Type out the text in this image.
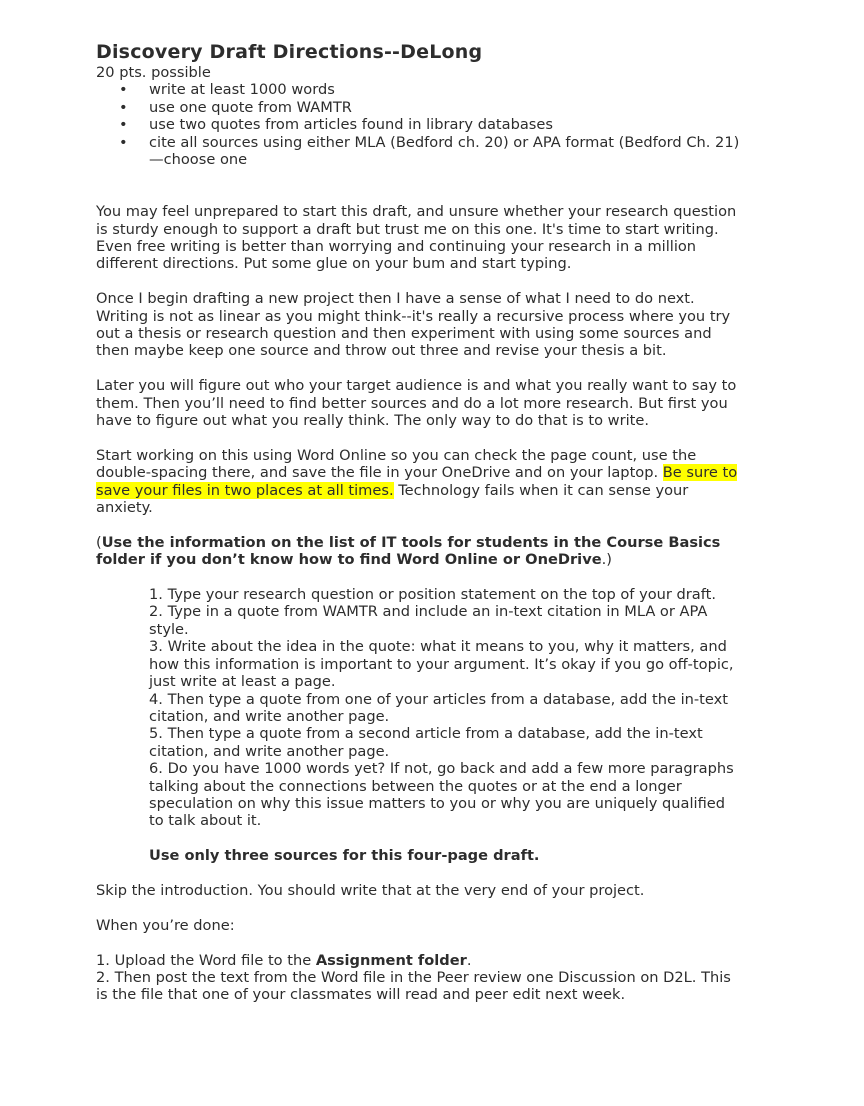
Discovery Draft Directions--DeLong

20 pts. possible

• write at least 1000 words
• use one quote from WAMTR
• use two quotes from articles found in library databases
• cite all sources using either MLA (Bedford ch. 20) or APA format (Bedford Ch. 21)—choose one

You may feel unprepared to start this draft, and unsure whether your research question is sturdy enough to support a draft but trust me on this one. It's time to start writing. Even free writing is better than worrying and continuing your research in a million different directions. Put some glue on your bum and start typing.

Once I begin drafting a new project then I have a sense of what I need to do next. Writing is not as linear as you might think--it's really a recursive process where you try out a thesis or research question and then experiment with using some sources and then maybe keep one source and throw out three and revise your thesis a bit.

Later you will figure out who your target audience is and what you really want to say to them. Then you’ll need to find better sources and do a lot more research. But first you have to figure out what you really think. The only way to do that is to write.

Start working on this using Word Online so you can check the page count, use the double-spacing there, and save the file in your OneDrive and on your laptop. Be sure to save your files in two places at all times. Technology fails when it can sense your anxiety.

(Use the information on the list of IT tools for students in the Course Basics folder if you don’t know how to find Word Online or OneDrive.)

1. Type your research question or position statement on the top of your draft.

2. Type in a quote from WAMTR and include an in-text citation in MLA or APA style.

3. Write about the idea in the quote: what it means to you, why it matters, and how this information is important to your argument. It’s okay if you go off-topic, just write at least a page.

4. Then type a quote from one of your articles from a database, add the in-text citation, and write another page.

5. Then type a quote from a second article from a database, add the in-text citation, and write another page.

6. Do you have 1000 words yet? If not, go back and add a few more paragraphs talking about the connections between the quotes or at the end a longer speculation on why this issue matters to you or why you are uniquely qualified to talk about it.

Use only three sources for this four-page draft.

Skip the introduction. You should write that at the very end of your project.

When you’re done:

1. Upload the Word file to the Assignment folder.

2. Then post the text from the Word file in the Peer review one Discussion on D2L. This is the file that one of your classmates will read and peer edit next week.
